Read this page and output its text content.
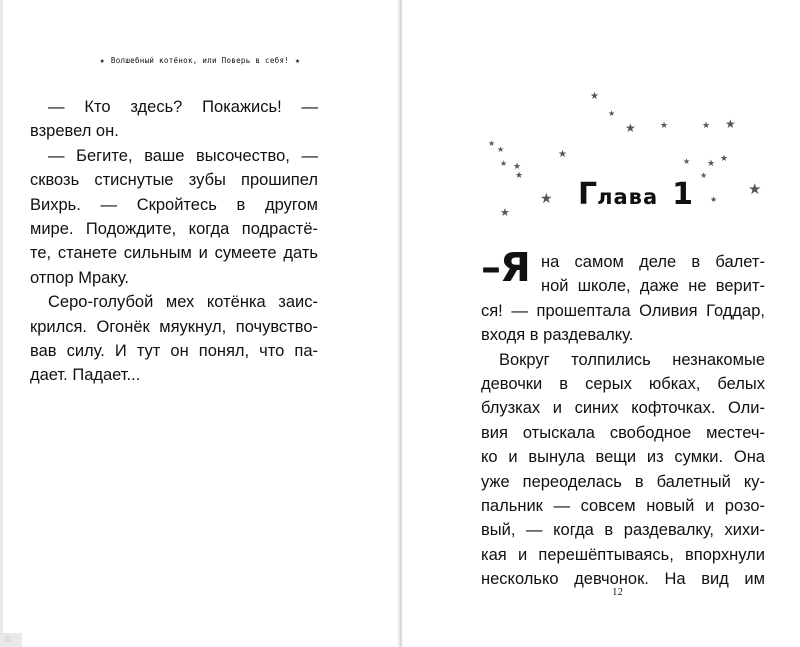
⊙
★ Волшебный котёнок, или Поверь в себя! ★
— Кто здесь? Покажись! —
взревел он.
— Бегите, ваше высочество, —
сквозь стиснутые зубы прошипел
Вихрь. — Скройтесь в другом
мире. Подождите, когда подрастё-
те, станете сильным и сумеете дать
отпор Мраку.
Серо-голубой мех котёнка заис-
крился. Огонёк мяукнул, почувство-
вав силу. И тут он понял, что па-
дает. Падает...
★
★
★	★	★ ★
★
★
★ ★
★
★
★ ★ ★
★
★
★	★
★
Глава 1
–Я на самом деле в балет-
ной школе, даже не верит-
ся! — прошептала Оливия Годдар,
входя в раздевалку.
Вокруг толпились незнакомые
девочки в серых юбках, белых
блузках и синих кофточках. Оли-
вия отыскала свободное местеч-
ко и вынула вещи из сумки. Она
уже переоделась в балетный ку-
пальник — совсем новый и розо-
вый, — когда в раздевалку, хихи-
кая и перешёптываясь, впорхнули
несколько девчонок. На вид им
12
